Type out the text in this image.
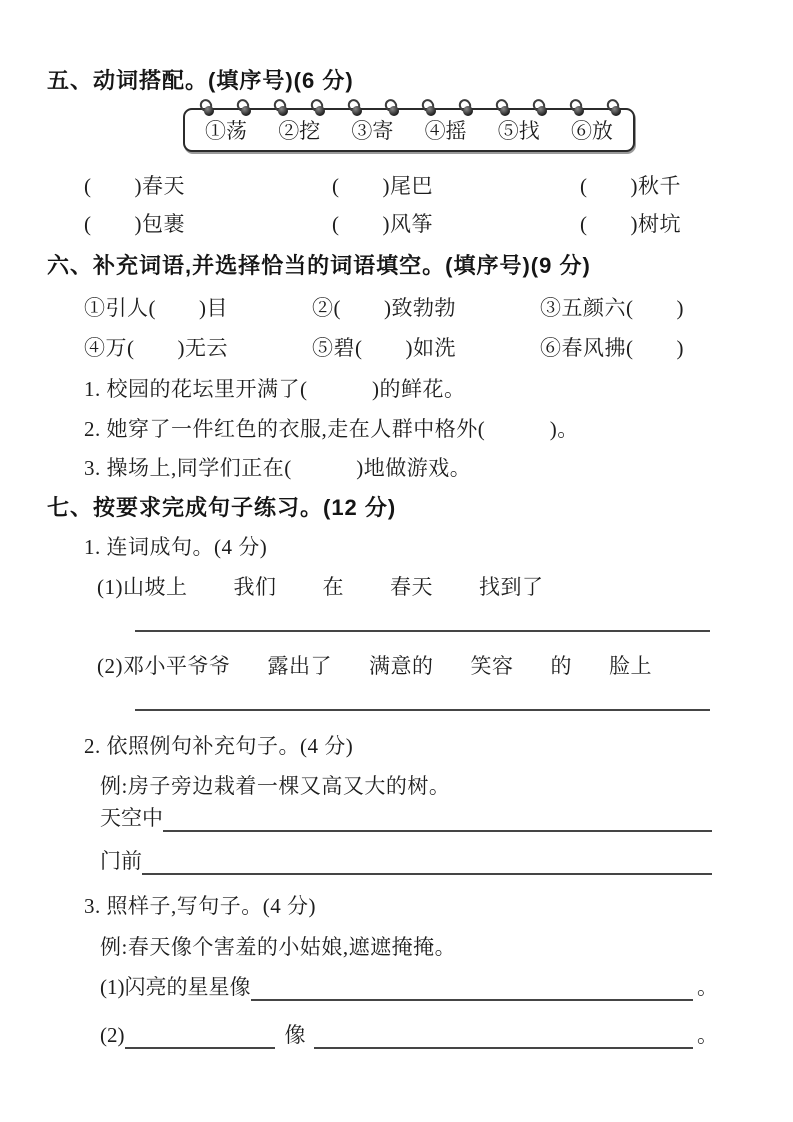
五、动词搭配。(填序号)(6 分)
①荡 ②挖 ③寄 ④摇 ⑤找 ⑥放
(　　)春天	(　　)尾巴	(　　)秋千
(　　)包裹	(　　)风筝	(　　)树坑
六、补充词语,并选择恰当的词语填空。(填序号)(9 分)
①引人(　　)目	②(　　)致勃勃	③五颜六(　　)
④万(　　)无云	⑤碧(　　)如洗	⑥春风拂(　　)
1. 校园的花坛里开满了(　　　)的鲜花。
2. 她穿了一件红色的衣服,走在人群中格外(　　　)。
3. 操场上,同学们正在(　　　)地做游戏。
七、按要求完成句子练习。(12 分)
1. 连词成句。(4 分)
(1)山坡上 我们 在 春天 找到了
(2)邓小平爷爷 露出了 满意的 笑容 的 脸上
2. 依照例句补充句子。(4 分)
例:房子旁边栽着一棵又高又大的树。
天空中
门前
3. 照样子,写句子。(4 分)
例:春天像个害羞的小姑娘,遮遮掩掩。
(1)闪亮的星星像	。
(2)	像	。
